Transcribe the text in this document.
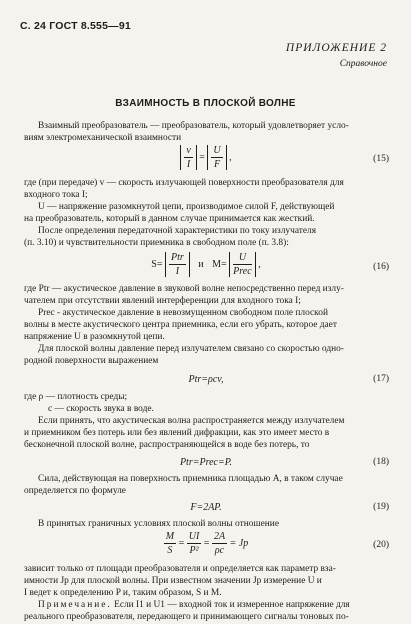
С. 24 ГОСТ 8.555—91
ПРИЛОЖЕНИЕ 2
Справочное
ВЗАИМНОСТЬ В ПЛОСКОЙ ВОЛНЕ
Взаимный преобразователь — преобразователь, который удовлетворяет усло-
виям электромеханической взаимности
$\frac{v}{I} = \frac{U}{F}$ ,	(15)
где (при передаче) v — скорость излучающей поверхности преобразователя для
входного тока I;
U — напряжение разомкнутой цепи, производимое силой F, действующей
на преобразователь, который в данном случае принимается как жесткий.
После определения передаточной характеристики по току излучателя
(п. 3.10) и чувствительности приемника в свободном поле (п. 3.8):
$S= \frac{\text{Ptr}}{I}$ и $M= \frac{U}{\text{Prec}}$ ,	(16)
где Ptr — акустическое давление в звуковой волне непосредственно перед излу-
чателем при отсутствии явлений интерференции для входного тока I;
Prec - акустическое давление в невозмущенном свободном поле плоской
волны в месте акустического центра приемника, если его убрать, которое дает
напряжение U в разомкнутой цепи.
Для плоской волны давление перед излучателем связано со скоростью одно-
родной поверхности выражением
Ptr=ρcv,	(17)
где ρ — плотность среды;
c — скорость звука в воде.
Если принять, что акустическая волна распространяется между излучателем
и приемником без потерь или без явлений дифракции, как это имеет место в
бесконечной плоской волне, распространяющейся в воде без потерь, то
Ptr=Prec=P.	(18)
Сила, действующая на поверхность приемника площадью A, в таком случае
определяется по формуле
F=2AP.	(19)
В принятых граничных условиях плоской волны отношение
$\frac{M}{S} = \frac{UI}{\text{P²}} = \frac{2A}{\rho c} = Jp$	(20)
зависит только от площади преобразователя и определяется как параметр вза-
имности Jp для плоской волны. При известном значении Jp измерение U и
I ведет к определению P и, таким образом, S и M.
Примечание. Если I1 и U1 — входной ток и измеренное напряжение для
реального преобразователя, передающего и принимающего сигналы тоновых по-
